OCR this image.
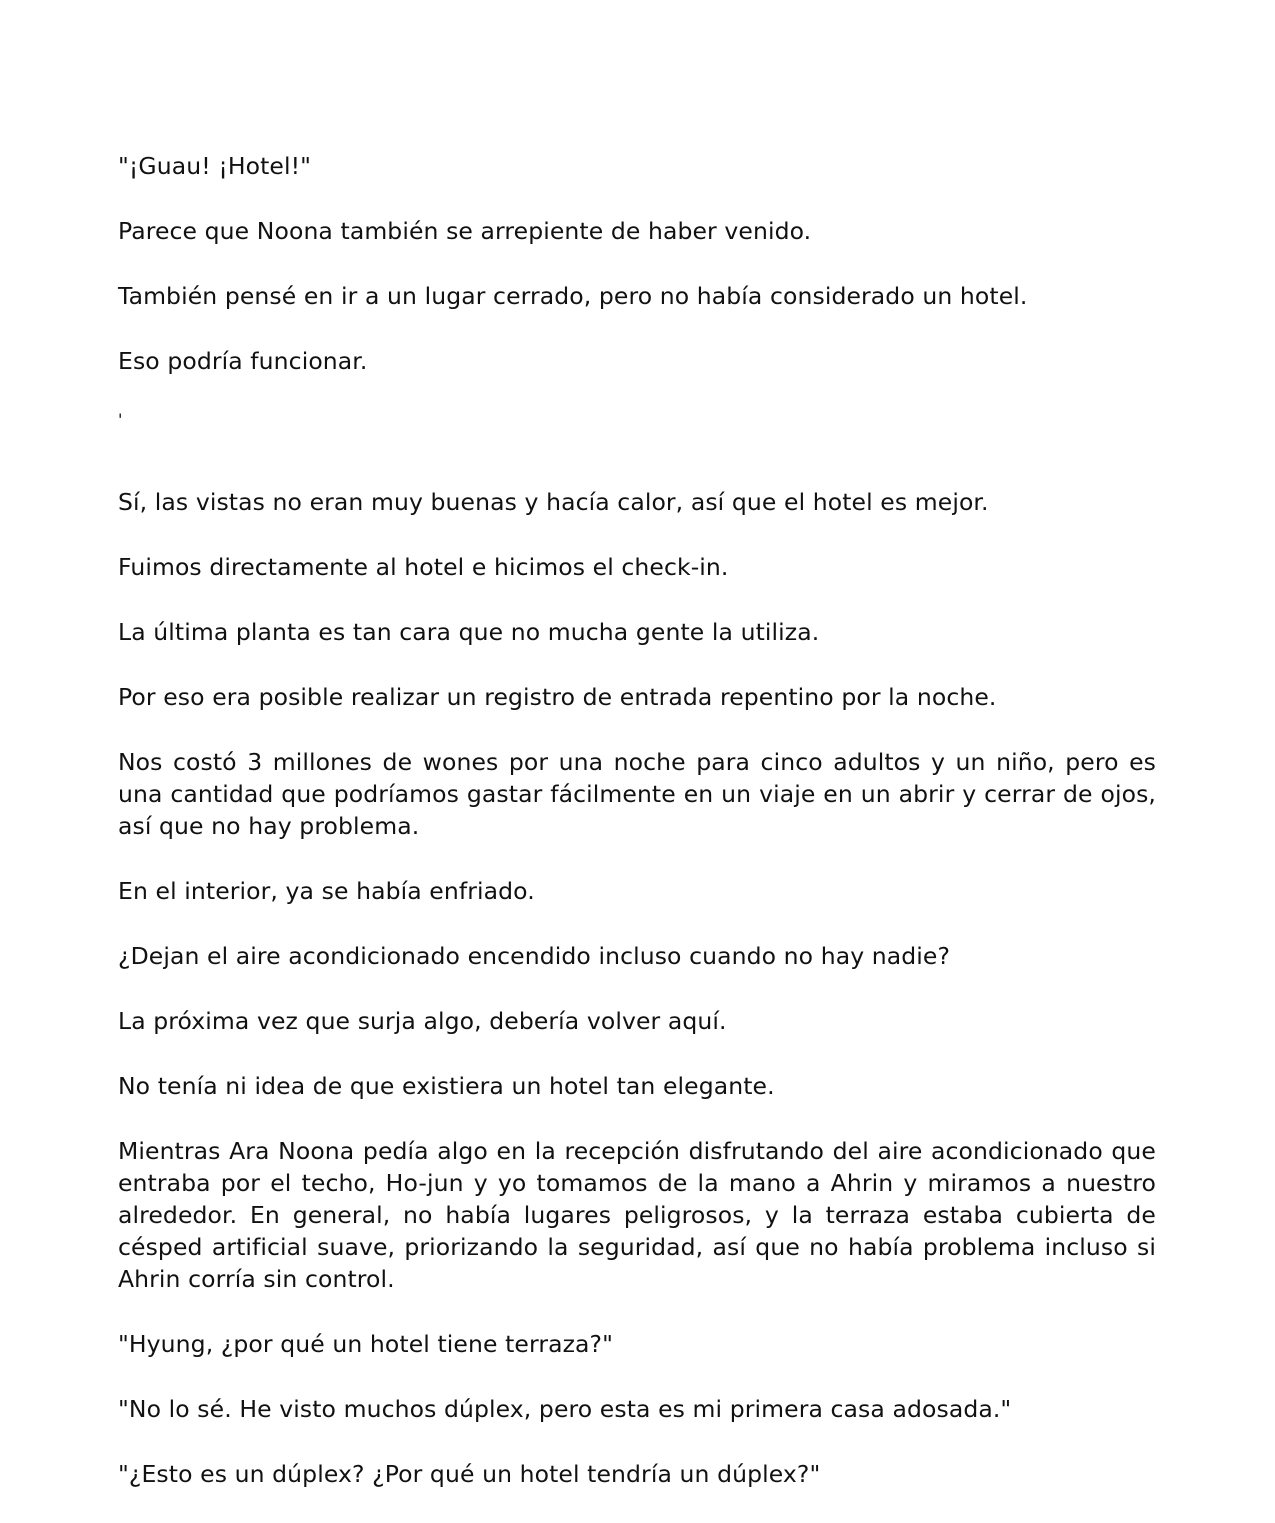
"¡Guau! ¡Hotel!"

Parece que Noona también se arrepiente de haber venido.

También pensé en ir a un lugar cerrado, pero no había considerado un hotel.

Eso podría funcionar.

'

Sí, las vistas no eran muy buenas y hacía calor, así que el hotel es mejor.

Fuimos directamente al hotel e hicimos el check-in.

La última planta es tan cara que no mucha gente la utiliza.

Por eso era posible realizar un registro de entrada repentino por la noche.

Nos costó 3 millones de wones por una noche para cinco adultos y un niño, pero es una cantidad que podríamos gastar fácilmente en un viaje en un abrir y cerrar de ojos, así que no hay problema.

En el interior, ya se había enfriado.

¿Dejan el aire acondicionado encendido incluso cuando no hay nadie?

La próxima vez que surja algo, debería volver aquí.

No tenía ni idea de que existiera un hotel tan elegante.

Mientras Ara Noona pedía algo en la recepción disfrutando del aire acondicionado que entraba por el techo, Ho-jun y yo tomamos de la mano a Ahrin y miramos a nuestro alrededor. En general, no había lugares peligrosos, y la terraza estaba cubierta de césped artificial suave, priorizando la seguridad, así que no había problema incluso si Ahrin corría sin control.

"Hyung, ¿por qué un hotel tiene terraza?"

"No lo sé. He visto muchos dúplex, pero esta es mi primera casa adosada."

"¿Esto es un dúplex? ¿Por qué un hotel tendría un dúplex?"
